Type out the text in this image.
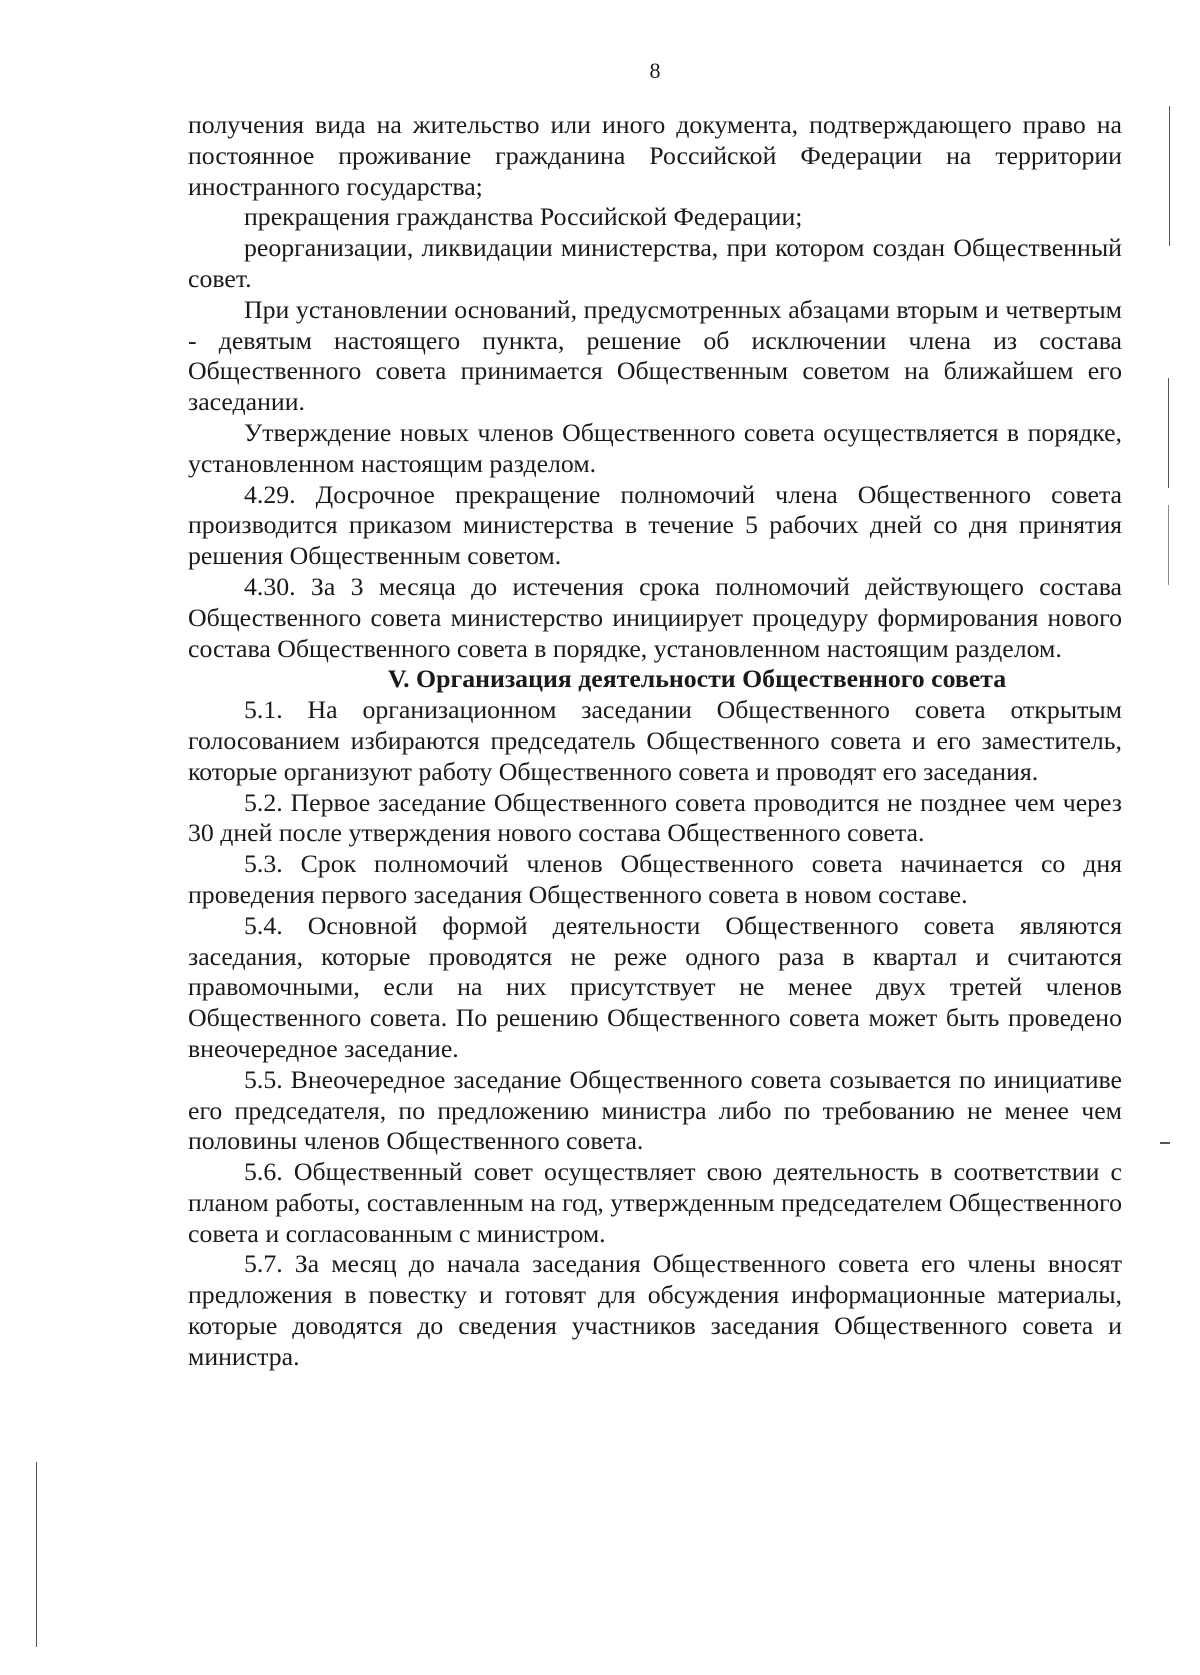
8

получения вида на жительство или иного документа, подтверждающего право на постоянное проживание гражданина Российской Федерации на территории иностранного государства;

прекращения гражданства Российской Федерации;

реорганизации, ликвидации министерства, при котором создан Общественный совет.

При установлении оснований, предусмотренных абзацами вторым и четвертым - девятым настоящего пункта, решение об исключении члена из состава Общественного совета принимается Общественным советом на ближайшем его заседании.

Утверждение новых членов Общественного совета осуществляется в порядке, установленном настоящим разделом.

4.29. Досрочное прекращение полномочий члена Общественного совета производится приказом министерства в течение 5 рабочих дней со дня принятия решения Общественным советом.

4.30. За 3 месяца до истечения срока полномочий действующего состава Общественного совета министерство инициирует процедуру формирования нового состава Общественного совета в порядке, установленном настоящим разделом.

V. Организация деятельности Общественного совета

5.1. На организационном заседании Общественного совета открытым голосованием избираются председатель Общественного совета и его заместитель, которые организуют работу Общественного совета и проводят его заседания.

5.2. Первое заседание Общественного совета проводится не позднее чем через 30 дней после утверждения нового состава Общественного совета.

5.3. Срок полномочий членов Общественного совета начинается со дня проведения первого заседания Общественного совета в новом составе.

5.4. Основной формой деятельности Общественного совета являются заседания, которые проводятся не реже одного раза в квартал и считаются правомочными, если на них присутствует не менее двух третей членов Общественного совета. По решению Общественного совета может быть проведено внеочередное заседание.

5.5. Внеочередное заседание Общественного совета созывается по инициативе его председателя, по предложению министра либо по требованию не менее чем половины членов Общественного совета.

5.6. Общественный совет осуществляет свою деятельность в соответствии с планом работы, составленным на год, утвержденным председателем Общественного совета и согласованным с министром.

5.7. За месяц до начала заседания Общественного совета его члены вносят предложения в повестку и готовят для обсуждения информационные материалы, которые доводятся до сведения участников заседания Общественного совета и министра.
